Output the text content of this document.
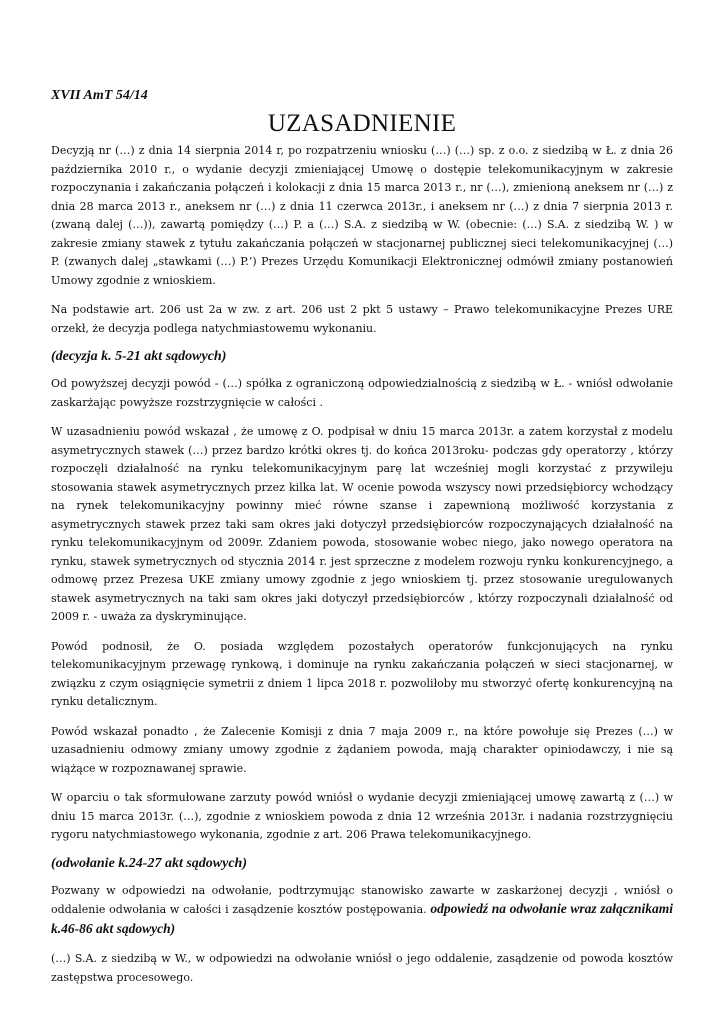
XVII AmT 54/14
UZASADNIENIE

Decyzją nr (…) z dnia 14 sierpnia 2014 r, po rozpatrzeniu wniosku (…) (…) sp. z o.o. z siedzibą w Ł. z dnia 26 października 2010 r., o wydanie decyzji zmieniającej Umowę o dostępie telekomunikacyjnym w zakresie rozpoczynania i zakańczania połączeń i kolokacji z dnia 15 marca 2013 r., nr (…), zmienioną aneksem nr (…) z dnia 28 marca 2013 r., aneksem nr (…) z dnia 11 czerwca 2013r., i aneksem nr (…) z dnia 7 sierpnia 2013 r. (zwaną dalej (…)), zawartą pomiędzy (…) P. a (…) S.A. z siedzibą w W. (obecnie: (…) S.A. z siedzibą W. ) w zakresie zmiany stawek z tytułu zakańczania połączeń w stacjonarnej publicznej sieci telekomunikacyjnej (…) P. (zwanych dalej „stawkami (…) P.’) Prezes Urzędu Komunikacji Elektronicznej odmówił zmiany postanowień Umowy zgodnie z wnioskiem.

Na podstawie art. 206 ust 2a w zw. z art. 206 ust 2 pkt 5 ustawy – Prawo telekomunikacyjne Prezes URE orzekł, że decyzja podlega natychmiastowemu wykonaniu.

(decyzja k. 5-21 akt sądowych)

Od powyższej decyzji powód - (…) spółka z ograniczoną odpowiedzialnością z siedzibą w Ł. - wniósł odwołanie zaskarżając powyższe rozstrzygnięcie w całości .

W uzasadnieniu powód wskazał , że umowę z O. podpisał w dniu 15 marca 2013r. a zatem korzystał z modelu asymetrycznych stawek (…) przez bardzo krótki okres tj. do końca 2013roku- podczas gdy operatorzy , którzy rozpoczęli działalność na rynku telekomunikacyjnym parę lat wcześniej mogli korzystać z przywileju stosowania stawek asymetrycznych przez kilka lat. W ocenie powoda wszyscy nowi przedsiębiorcy wchodzący na rynek telekomunikacyjny powinny mieć równe szanse i zapewnioną możliwość korzystania z asymetrycznych stawek przez taki sam okres jaki dotyczył przedsiębiorców rozpoczynających działalność na rynku telekomunikacyjnym od 2009r. Zdaniem powoda, stosowanie wobec niego, jako nowego operatora na rynku, stawek symetrycznych od stycznia 2014 r. jest sprzeczne z modelem rozwoju rynku konkurencyjnego, a odmowę przez Prezesa UKE zmiany umowy zgodnie z jego wnioskiem tj. przez stosowanie uregulowanych stawek asymetrycznych na taki sam okres jaki dotyczył przedsiębiorców , którzy rozpoczynali działalność od 2009 r. - uważa za dyskryminujące.

Powód podnosił, że O. posiada względem pozostałych operatorów funkcjonujących na rynku telekomunikacyjnym przewagę rynkową, i dominuje na rynku zakańczania połączeń w sieci stacjonarnej, w związku z czym osiągnięcie symetrii z dniem 1 lipca 2018 r. pozwoliłoby mu stworzyć ofertę konkurencyjną na rynku detalicznym.

Powód wskazał ponadto , że Zalecenie Komisji z dnia 7 maja 2009 r., na które powołuje się Prezes (…) w uzasadnieniu odmowy zmiany umowy zgodnie z żądaniem powoda, mają charakter opiniodawczy, i nie są wiążące w rozpoznawanej sprawie.

W oparciu o tak sformułowane zarzuty powód wniósł o wydanie decyzji zmieniającej umowę zawartą z (…) w dniu 15 marca 2013r. (…), zgodnie z wnioskiem powoda z dnia 12 września 2013r. i nadania rozstrzygnięciu rygoru natychmiastowego wykonania, zgodnie z art. 206 Prawa telekomunikacyjnego.

(odwołanie k.24-27 akt sądowych)

Pozwany w odpowiedzi na odwołanie, podtrzymując stanowisko zawarte w zaskarżonej decyzji , wniósł o oddalenie odwołania w całości i zasądzenie kosztów postępowania. odpowiedź na odwołanie wraz załącznikami k.46-86 akt sądowych)

(…) S.A. z siedzibą w W., w odpowiedzi na odwołanie wniósł o jego oddalenie, zasądzenie od powoda kosztów zastępstwa procesowego.
